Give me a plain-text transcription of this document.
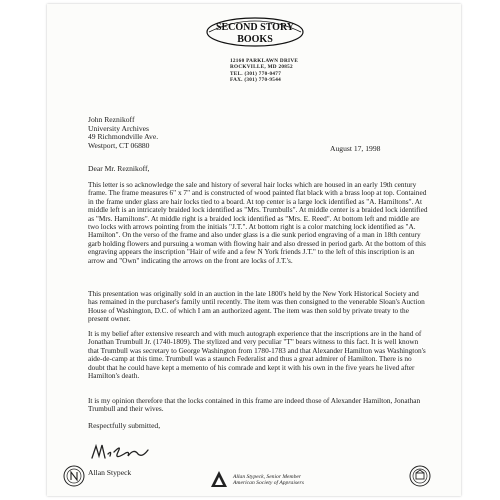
SECOND STORY
BOOKS
12160 PARKLAWN DRIVE
ROCKVILLE, MD 20852
TEL. (301) 770-0477
FAX. (301) 770-9544
John Reznikoff
University Archives
49 Richmondville Ave.
Westport, CT 06880	August 17, 1998
Dear Mr. Reznikoff,
This letter is so acknowledge the sale and history of several hair locks which are housed in an early 19th century frame. The frame measures 6" x 7" and is constructed of wood painted flat black with a brass loop at top. Contained in the frame under glass are hair locks tied to a board. At top center is a large lock identified as "A. Hamiltons". At middle left is an intricately braided lock identified as "Mrs. Trumbulls". At middle center is a braided lock identified as "Mrs. Hamiltons". At middle right is a braided lock identified as "Mrs. E. Reed". At bottom left and middle are two locks with arrows pointing from the initials "J.T.". At bottom right is a color matching lock identified as "A. Hamilton". On the verso of the frame and also under glass is a die sunk period engraving of a man in 18th century garb holding flowers and pursuing a woman with flowing hair and also dressed in period garb. At the bottom of this engraving appears the inscription "Hair of wife and a few N York friends J.T." to the left of this inscription is an arrow and "Own" indicating the arrows on the front are locks of J.T.'s.
This presentation was originally sold in an auction in the late 1800's held by the New York Historical Society and has remained in the purchaser's family until recently. The item was then consigned to the venerable Sloan's Auction House of Washington, D.C. of which I am an authorized agent. The item was then sold by private treaty to the present owner.
It is my belief after extensive research and with much autograph experience that the inscriptions are in the hand of Jonathan Trumbull Jr. (1740-1809). The stylized and very peculiar "T" bears witness to this fact. It is well known that Trumbull was secretary to George Washington from 1780-1783 and that Alexander Hamilton was Washington's aide-de-camp at this time. Trumbull was a staunch Federalist and thus a great admirer of Hamilton. There is no doubt that he could have kept a memento of his comrade and kept it with his own in the five years he lived after Hamilton's death.
It is my opinion therefore that the locks contained in this frame are indeed those of Alexander Hamilton, Jonathan Trumbull and their wives.
Respectfully submitted,
Allan Stypeck	Allan Stypeck, Senior Member
American Society of Appraisers
